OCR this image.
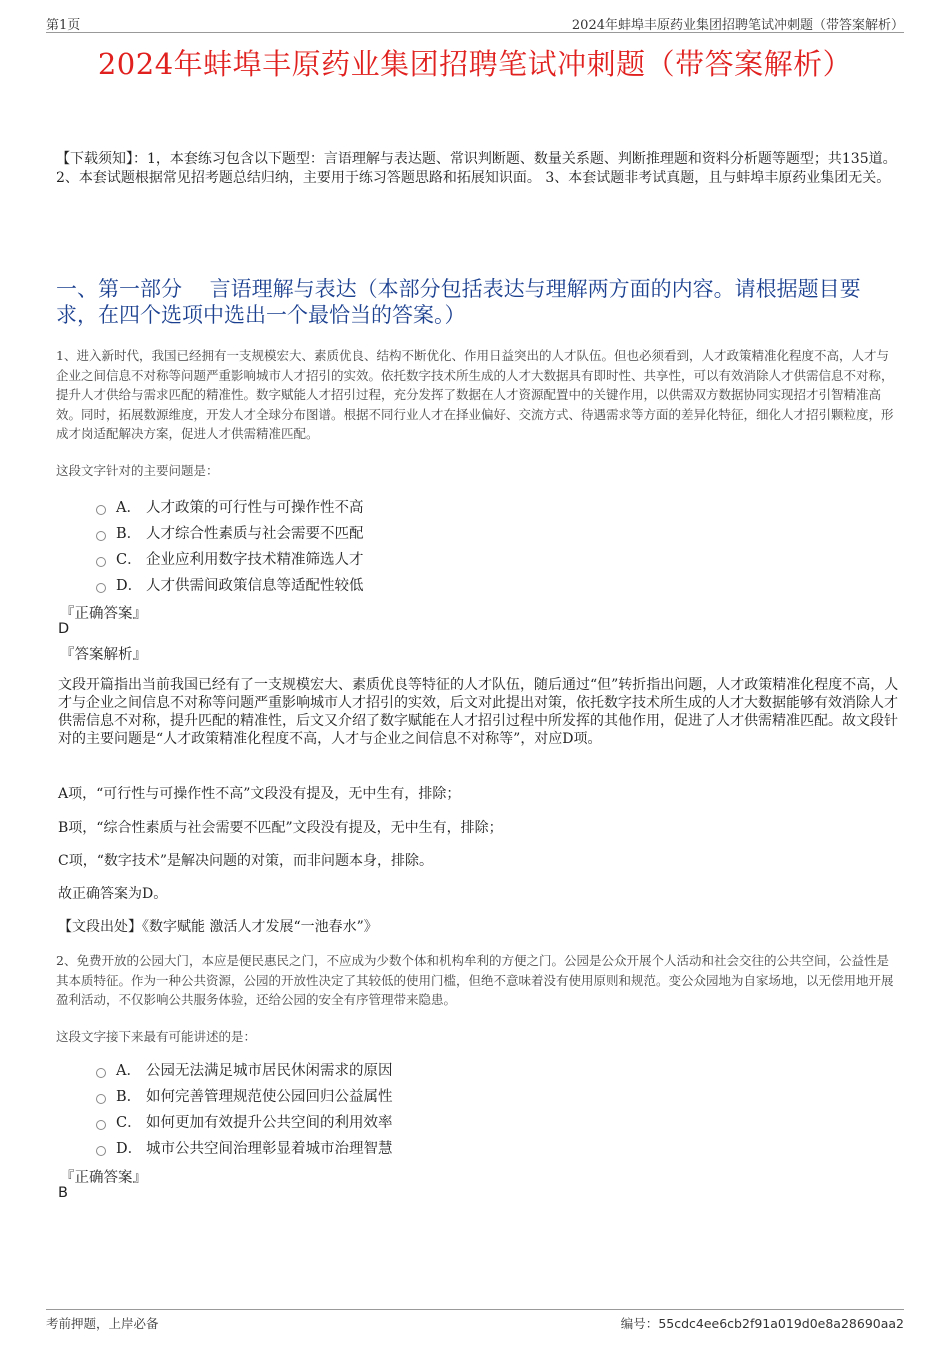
第1页	2024年蚌埠丰原药业集团招聘笔试冲刺题（带答案解析）
2024年蚌埠丰原药业集团招聘笔试冲刺题（带答案解析）
【下载须知】：1，本套练习包含以下题型：言语理解与表达题、常识判断题、数量关系题、判断推理题和资料分析题等题型；共135道。 2、本套试题根据常见招考题总结归纳，主要用于练习答题思路和拓展知识面。 3、本套试题非考试真题，且与蚌埠丰原药业集团无关。
一、第一部分　 言语理解与表达（本部分包括表达与理解两方面的内容。请根据题目要求，在四个选项中选出一个最恰当的答案。）
1、进入新时代，我国已经拥有一支规模宏大、素质优良、结构不断优化、作用日益突出的人才队伍。但也必须看到，人才政策精准化程度不高，人才与企业之间信息不对称等问题严重影响城市人才招引的实效。依托数字技术所生成的人才大数据具有即时性、共享性，可以有效消除人才供需信息不对称，提升人才供给与需求匹配的精准性。数字赋能人才招引过程，充分发挥了数据在人才资源配置中的关键作用，以供需双方数据协同实现招才引智精准高效。同时，拓展数源维度，开发人才全球分布图谱。根据不同行业人才在择业偏好、交流方式、待遇需求等方面的差异化特征，细化人才招引颗粒度，形成才岗适配解决方案，促进人才供需精准匹配。
这段文字针对的主要问题是：
A． 人才政策的可行性与可操作性不高
B． 人才综合性素质与社会需要不匹配
C． 企业应利用数字技术精准筛选人才
D． 人才供需间政策信息等适配性较低
『正确答案』
D
『答案解析』
文段开篇指出当前我国已经有了一支规模宏大、素质优良等特征的人才队伍，随后通过“但”转折指出问题，人才政策精准化程度不高，人才与企业之间信息不对称等问题严重影响城市人才招引的实效，后文对此提出对策，依托数字技术所生成的人才大数据能够有效消除人才供需信息不对称，提升匹配的精准性，后文又介绍了数字赋能在人才招引过程中所发挥的其他作用，促进了人才供需精准匹配。故文段针对的主要问题是“人才政策精准化程度不高，人才与企业之间信息不对称等”，对应D项。
A项，“可行性与可操作性不高”文段没有提及，无中生有，排除；
B项，“综合性素质与社会需要不匹配”文段没有提及，无中生有，排除；
C项，“数字技术”是解决问题的对策，而非问题本身，排除。
故正确答案为D。
【文段出处】《数字赋能 激活人才发展“一池春水”》
2、免费开放的公园大门，本应是便民惠民之门，不应成为少数个体和机构牟利的方便之门。公园是公众开展个人活动和社会交往的公共空间，公益性是其本质特征。作为一种公共资源，公园的开放性决定了其较低的使用门槛，但绝不意味着没有使用原则和规范。变公众园地为自家场地，以无偿用地开展盈利活动，不仅影响公共服务体验，还给公园的安全有序管理带来隐患。
这段文字接下来最有可能讲述的是：
A． 公园无法满足城市居民休闲需求的原因
B． 如何完善管理规范使公园回归公益属性
C． 如何更加有效提升公共空间的利用效率
D． 城市公共空间治理彰显着城市治理智慧
『正确答案』
B
考前押题，上岸必备	编号：55cdc4ee6cb2f91a019d0e8a28690aa2
